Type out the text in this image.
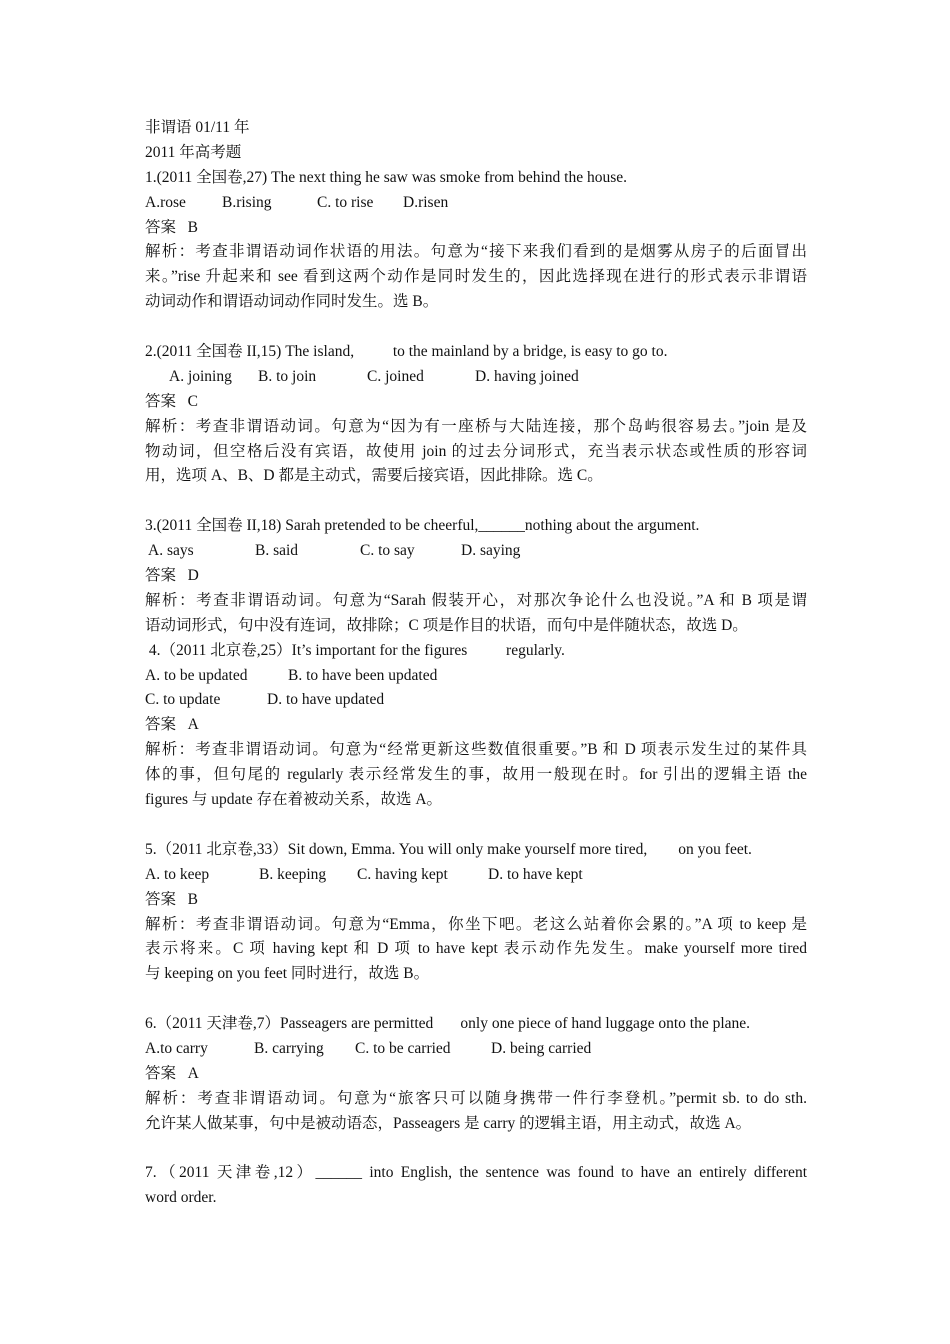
非谓语 01/11 年
2011 年高考题
1.(2011 全国卷,27) The next thing he saw was smoke from behind the house.
A.rose	B.rising	C. to rise	D.risen
答案   B
解析：考查非谓语动词作状语的用法。句意为“接下来我们看到的是烟雾从房子的后面冒出
来。”rise 升起来和 see 看到这两个动作是同时发生的，因此选择现在进行的形式表示非谓语
动词动作和谓语动词动作同时发生。选 B。
2.(2011 全国卷 II,15) The island,          to the mainland by a bridge, is easy to go to.
A. joining	B. to join	C. joined	D. having joined
答案   C
解析：考查非谓语动词。句意为“因为有一座桥与大陆连接，那个岛屿很容易去。”join 是及
物动词，但空格后没有宾语，故使用 join 的过去分词形式，充当表示状态或性质的形容词
用，选项 A、B、D 都是主动式，需要后接宾语，因此排除。选 C。
3.(2011 全国卷 II,18) Sarah pretended to be cheerful,______nothing about the argument.
A. says	B. said	C. to say	D. saying
答案   D
解析：考查非谓语动词。句意为“Sarah 假装开心，对那次争论什么也没说。”A 和 B 项是谓
语动词形式，句中没有连词，故排除；C 项是作目的状语，而句中是伴随状态，故选 D。
4.（2011 北京卷,25）It’s important for the figures          regularly.
A. to be updated	B. to have been updated
C. to update	D. to have updated
答案   A
解析：考查非谓语动词。句意为“经常更新这些数值很重要。”B 和 D 项表示发生过的某件具
体的事，但句尾的 regularly 表示经常发生的事，故用一般现在时。for 引出的逻辑主语 the
figures 与 update 存在着被动关系，故选 A。
5.（2011 北京卷,33）Sit down, Emma. You will only make yourself more tired,        on you feet.
A. to keep	B. keeping	C. having kept	D. to have kept
答案   B
解析：考查非谓语动词。句意为“Emma，你坐下吧。老这么站着你会累的。”A 项 to keep 是
表示将来。C 项 having kept 和 D 项 to have kept 表示动作先发生。make yourself more tired
与 keeping on you feet 同时进行，故选 B。
6.（2011 天津卷,7）Passeagers are permitted       only one piece of hand luggage onto the plane.
A.to carry	B. carrying	C. to be carried	D. being carried
答案   A
解析：考查非谓语动词。句意为“旅客只可以随身携带一件行李登机。”permit sb. to do sth.
允许某人做某事，句中是被动语态，Passeagers 是 carry 的逻辑主语，用主动式，故选 A。
7.（2011 天津卷,12）______ into English, the sentence was found to have an entirely different
word order.
